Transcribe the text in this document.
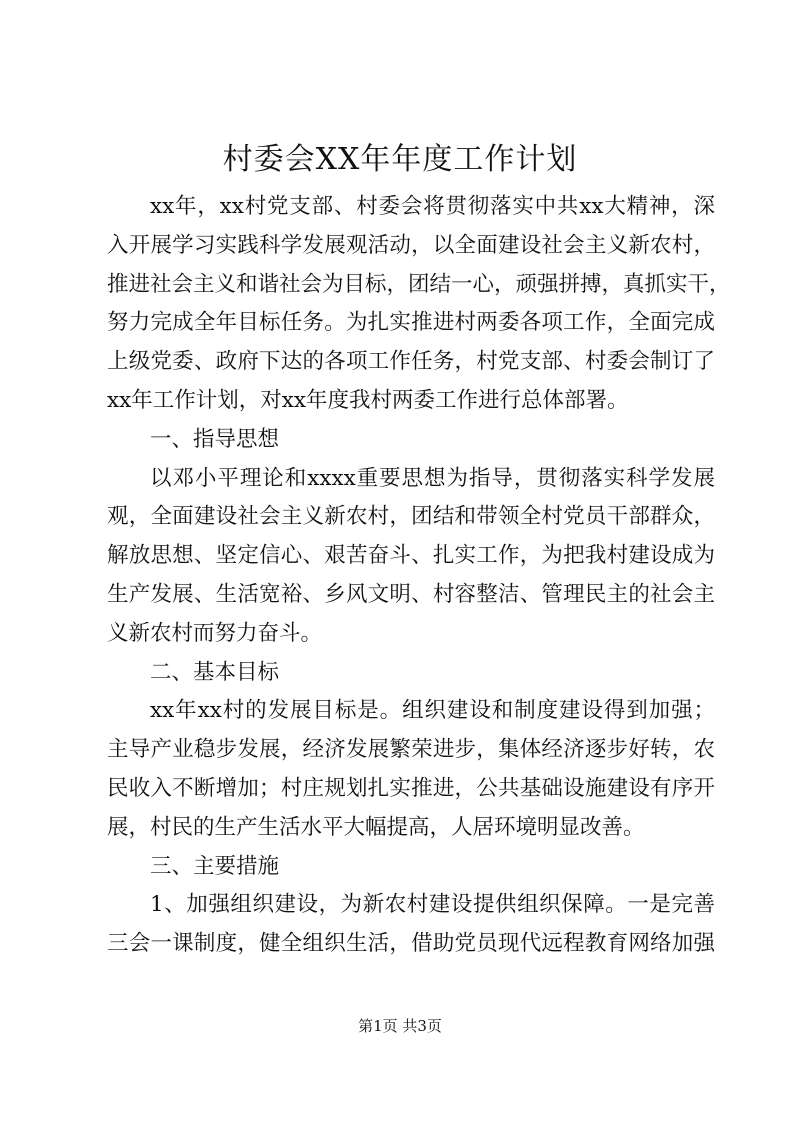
村委会XX年年度工作计划
xx年，xx村党支部、村委会将贯彻落实中共xx大精神，深
入开展学习实践科学发展观活动，以全面建设社会主义新农村，
推进社会主义和谐社会为目标，团结一心，顽强拼搏，真抓实干，
努力完成全年目标任务。为扎实推进村两委各项工作，全面完成
上级党委、政府下达的各项工作任务，村党支部、村委会制订了
xx年工作计划，对xx年度我村两委工作进行总体部署。
一、指导思想
以邓小平理论和xxxx重要思想为指导，贯彻落实科学发展
观，全面建设社会主义新农村，团结和带领全村党员干部群众，
解放思想、坚定信心、艰苦奋斗、扎实工作，为把我村建设成为
生产发展、生活宽裕、乡风文明、村容整洁、管理民主的社会主
义新农村而努力奋斗。
二、基本目标
xx年xx村的发展目标是。组织建设和制度建设得到加强；
主导产业稳步发展，经济发展繁荣进步，集体经济逐步好转，农
民收入不断增加；村庄规划扎实推进，公共基础设施建设有序开
展，村民的生产生活水平大幅提高，人居环境明显改善。
三、主要措施
1、加强组织建设，为新农村建设提供组织保障。一是完善
三会一课制度，健全组织生活，借助党员现代远程教育网络加强
第1页 共3页
